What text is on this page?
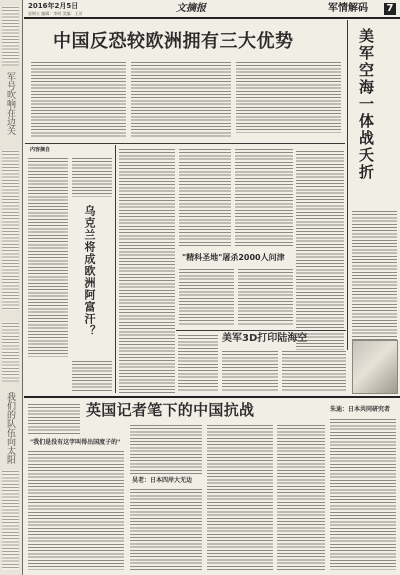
军号吹响在边关
我们的队伍向太阳
2016年2月5日
星期五 编辑：李明 美编：王芳	文摘报	军情解码 7
中国反恐较欧洲拥有三大优势	美军空海一体战夭折
内容摘自
乌克兰将成欧洲阿富汗？	"精科圣地"屠杀2000人问津
美军3D打印陆海空
英国记者笔下的中国抗战	朱迪：日本共同研究者
"我们是没有这字叫得出国度子的"
吴老：日本四岸大无边
